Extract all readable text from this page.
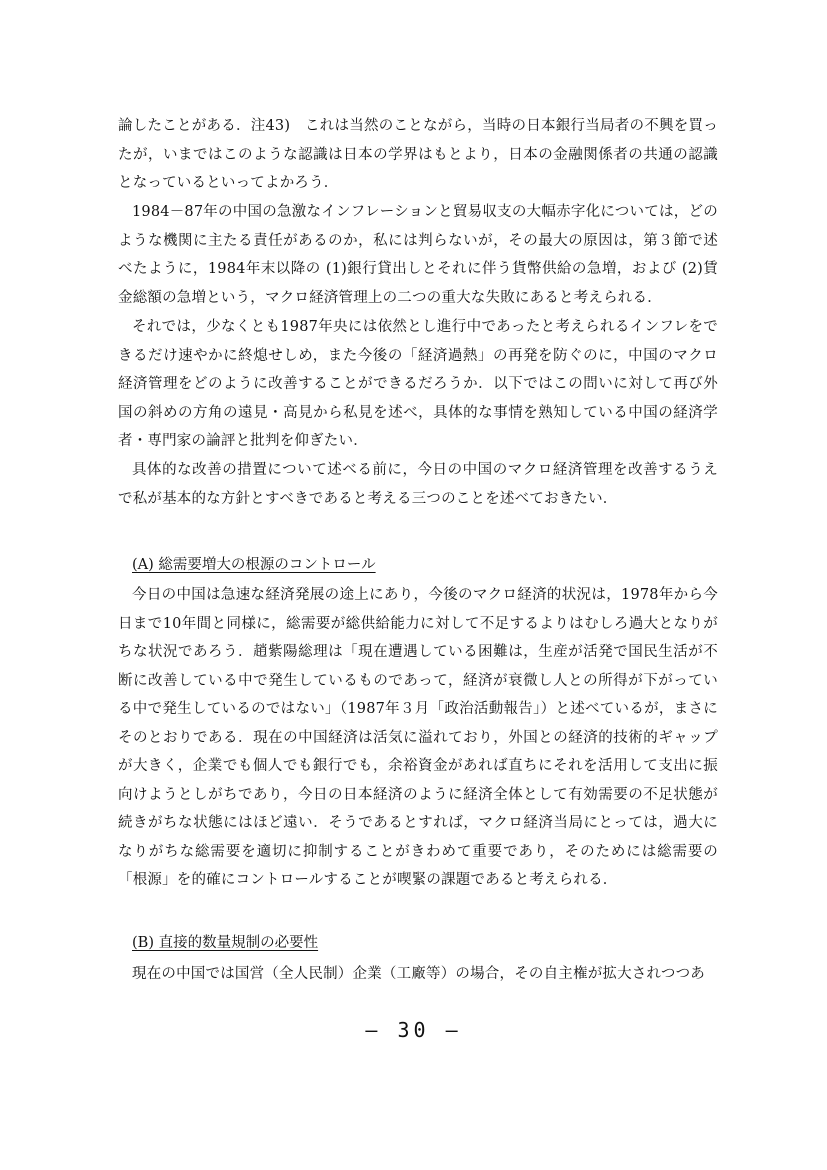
論したことがある．注43)　これは当然のことながら，当時の日本銀行当局者の不興を買ったが，いまではこのような認識は日本の学界はもとより，日本の金融関係者の共通の認識となっているといってよかろう．

1984－87年の中国の急激なインフレーションと貿易収支の大幅赤字化については，どのような機関に主たる責任があるのか，私には判らないが，その最大の原因は，第３節で述べたように，1984年末以降の (1)銀行貸出しとそれに伴う貨幣供給の急増，および (2)賃金総額の急増という，マクロ経済管理上の二つの重大な失敗にあると考えられる．

それでは，少なくとも1987年央には依然とし進行中であったと考えられるインフレをできるだけ速やかに終熄せしめ，また今後の「経済過熱」の再発を防ぐのに，中国のマクロ経済管理をどのように改善することができるだろうか．以下ではこの問いに対して再び外国の斜めの方角の遠見・高見から私見を述べ，具体的な事情を熟知している中国の経済学者・専門家の論評と批判を仰ぎたい．

具体的な改善の措置について述べる前に，今日の中国のマクロ経済管理を改善するうえで私が基本的な方針とすべきであると考える三つのことを述べておきたい．

(A) 総需要増大の根源のコントロール

今日の中国は急速な経済発展の途上にあり，今後のマクロ経済的状況は，1978年から今日まで10年間と同様に，総需要が総供給能力に対して不足するよりはむしろ過大となりがちな状況であろう．趙紫陽総理は「現在遭遇している困難は，生産が活発で国民生活が不断に改善している中で発生しているものであって，経済が衰微し人との所得が下がっている中で発生しているのではない」（1987年３月「政治活動報告」）と述べているが，まさにそのとおりである．現在の中国経済は活気に溢れており，外国との経済的技術的ギャップが大きく，企業でも個人でも銀行でも，余裕資金があれば直ちにそれを活用して支出に振向けようとしがちであり，今日の日本経済のように経済全体として有効需要の不足状態が続きがちな状態にはほど遠い．そうであるとすれば，マクロ経済当局にとっては，過大になりがちな総需要を適切に抑制することがきわめて重要であり，そのためには総需要の「根源」を的確にコントロールすることが喫緊の課題であると考えられる．

(B) 直接的数量規制の必要性

現在の中国では国営（全人民制）企業（工廠等）の場合，その自主権が拡大されつつあ

― 30 ―
